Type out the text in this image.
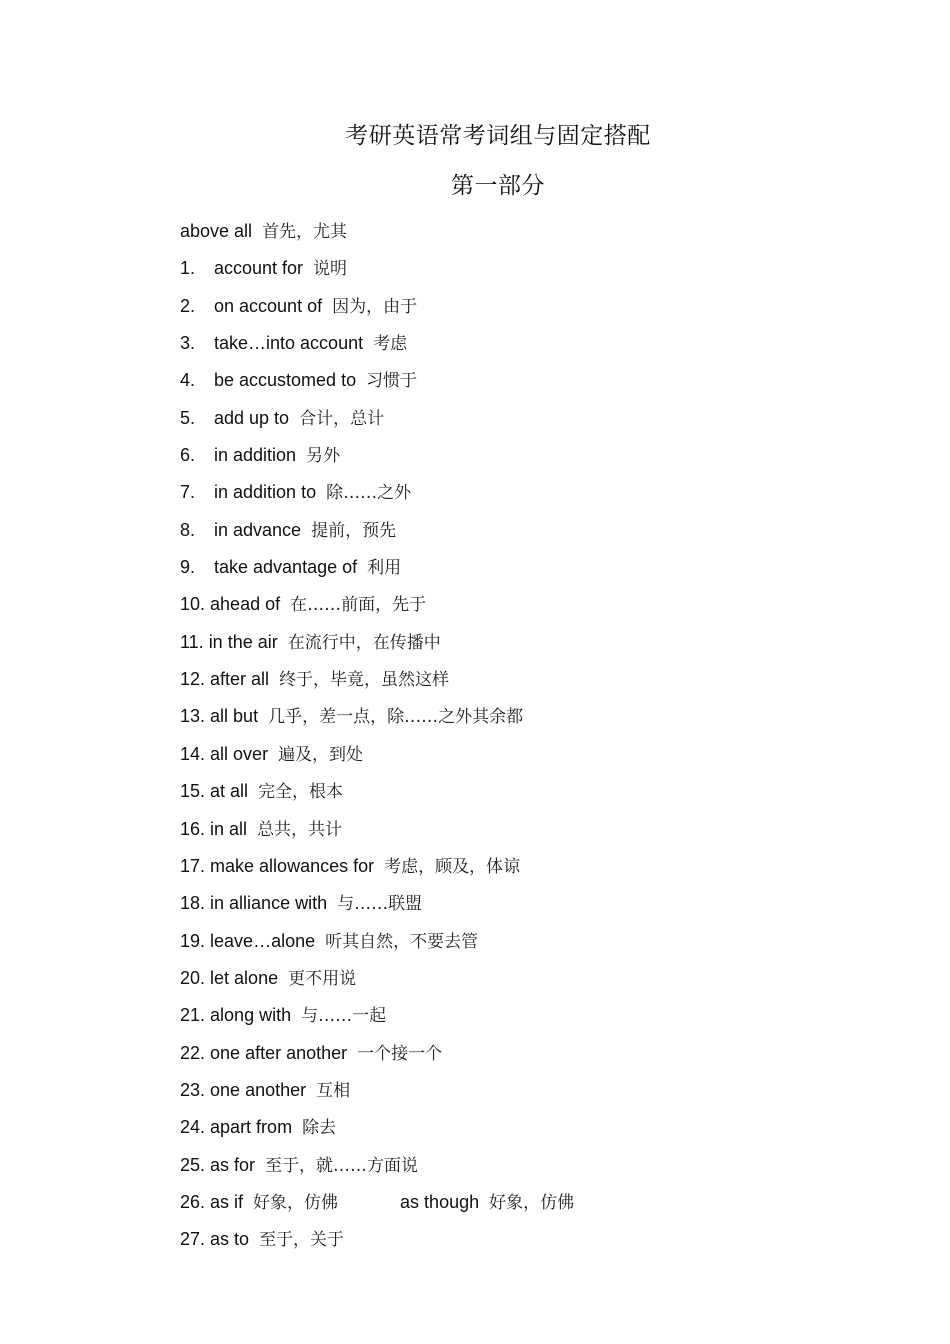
考研英语常考词组与固定搭配
第一部分
above all 首先，尤其
1. account for 说明
2. on account of 因为，由于
3. take…into account 考虑
4. be accustomed to 习惯于
5. add up to 合计，总计
6. in addition 另外
7. in addition to 除……之外
8. in advance 提前，预先
9. take advantage of 利用
10. ahead of 在……前面，先于
11. in the air 在流行中，在传播中
12. after all 终于，毕竟，虽然这样
13. all but 几乎，差一点，除……之外其余都
14. all over 遍及，到处
15. at all 完全，根本
16. in all 总共，共计
17. make allowances for 考虑，顾及，体谅
18. in alliance with 与……联盟
19. leave…alone 听其自然，不要去管
20. let alone 更不用说
21. along with 与……一起
22. one after another 一个接一个
23. one another 互相
24. apart from 除去
25. as for 至于，就……方面说
26. as if 好象，仿佛	as though 好象，仿佛
27. as to 至于，关于
